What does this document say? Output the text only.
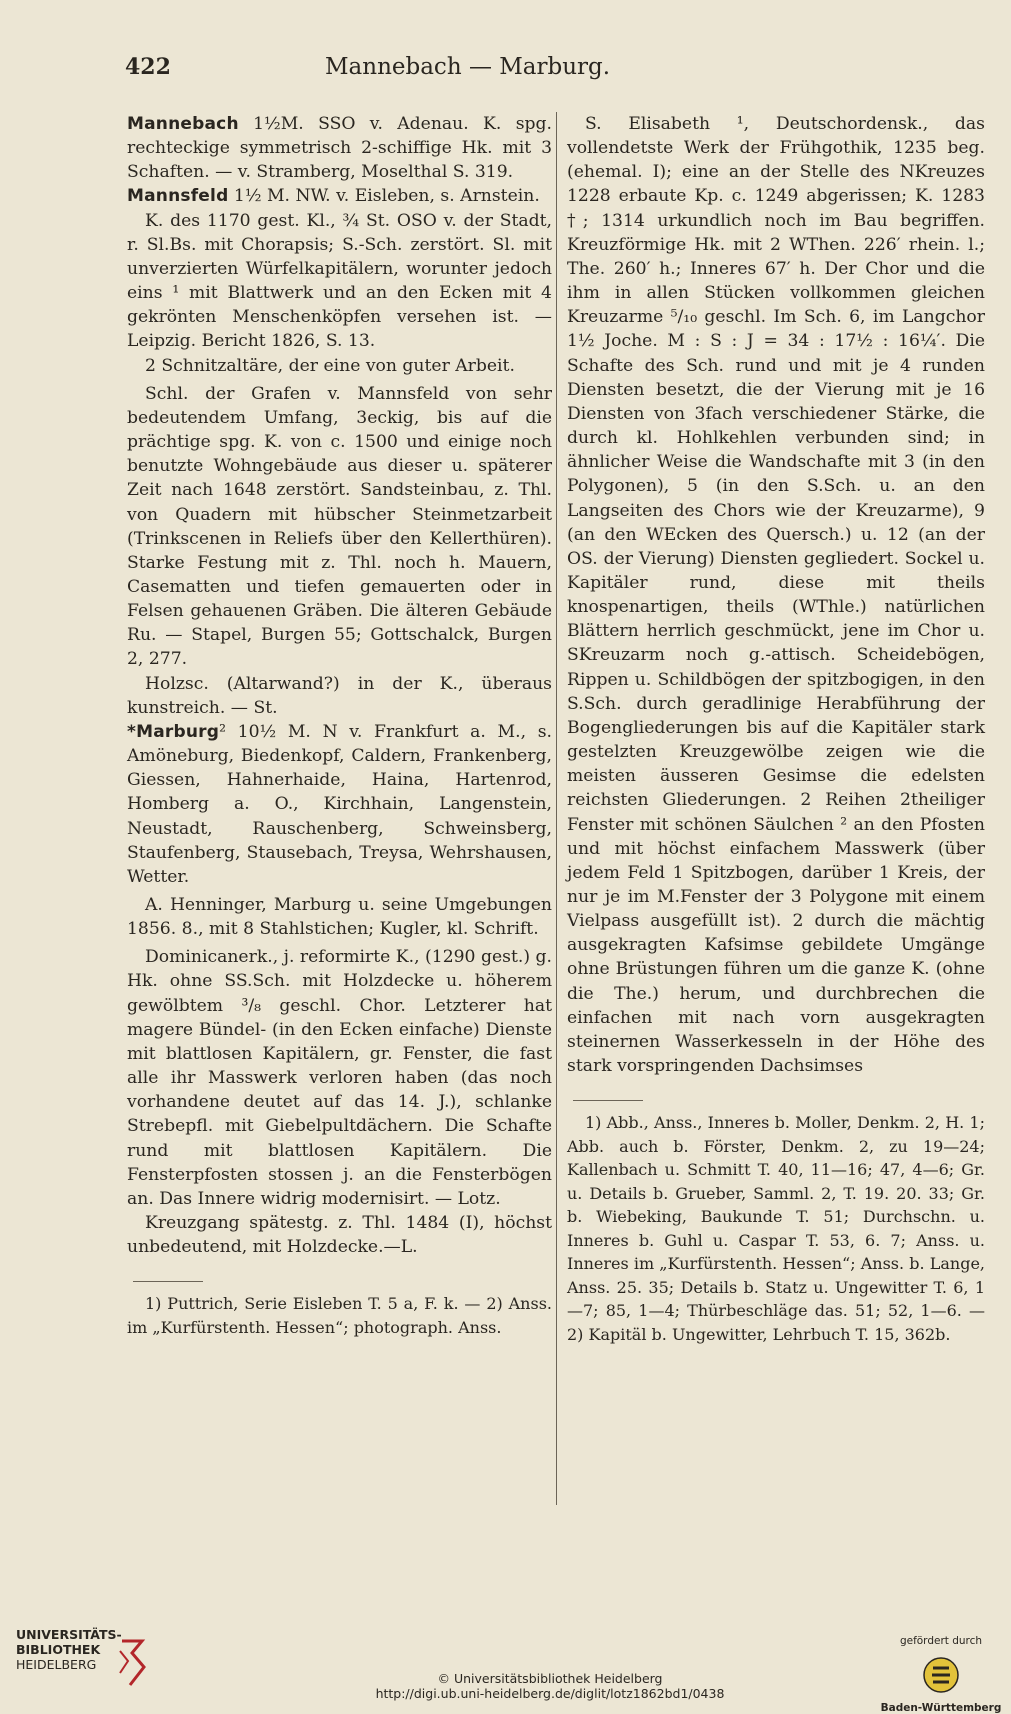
422	Mannebach — Marburg.

Mannebach 1½M. SSO v. Adenau. K. spg. rechteckige symmetrisch 2-schiffige Hk. mit 3 Schaften. — v. Stramberg, Moselthal S. 319.

Mannsfeld 1½ M. NW. v. Eisleben, s. Arnstein.

K. des 1170 gest. Kl., ¾ St. OSO v. der Stadt, r. Sl.Bs. mit Chorapsis; S.-Sch. zerstört. Sl. mit unverzierten Würfelkapitälern, worunter jedoch eins ¹ mit Blattwerk und an den Ecken mit 4 gekrönten Menschenköpfen versehen ist. — Leipzig. Bericht 1826, S. 13.

2 Schnitzaltäre, der eine von guter Arbeit.

Schl. der Grafen v. Mannsfeld von sehr bedeutendem Umfang, 3eckig, bis auf die prächtige spg. K. von c. 1500 und einige noch benutzte Wohngebäude aus dieser u. späterer Zeit nach 1648 zerstört. Sandsteinbau, z. Thl. von Quadern mit hübscher Steinmetzarbeit (Trinkscenen in Reliefs über den Kellerthüren). Starke Festung mit z. Thl. noch h. Mauern, Casematten und tiefen gemauerten oder in Felsen gehauenen Gräben. Die älteren Gebäude Ru. — Stapel, Burgen 55; Gottschalck, Burgen 2, 277.

Holzsc. (Altarwand?) in der K., überaus kunstreich. — St.

*Marburg² 10½ M. N v. Frankfurt a. M., s. Amöneburg, Biedenkopf, Caldern, Frankenberg, Giessen, Hahnerhaide, Haina, Hartenrod, Homberg a. O., Kirchhain, Langenstein, Neustadt, Rauschenberg, Schweinsberg, Staufenberg, Stausebach, Treysa, Wehrshausen, Wetter.

A. Henninger, Marburg u. seine Umgebungen 1856. 8., mit 8 Stahlstichen; Kugler, kl. Schrift.

Dominicanerk., j. reformirte K., (1290 gest.) g. Hk. ohne SS.Sch. mit Holzdecke u. höherem gewölbtem ³/₈ geschl. Chor. Letzterer hat magere Bündel- (in den Ecken einfache) Dienste mit blattlosen Kapitälern, gr. Fenster, die fast alle ihr Masswerk verloren haben (das noch vorhandene deutet auf das 14. J.), schlanke Strebepfl. mit Giebelpultdächern. Die Schafte rund mit blattlosen Kapitälern. Die Fensterpfosten stossen j. an die Fensterbögen an. Das Innere widrig modernisirt. — Lotz.

Kreuzgang spätestg. z. Thl. 1484 (I), höchst unbedeutend, mit Holzdecke.—L.

1) Puttrich, Serie Eisleben T. 5 a, F. k. — 2) Anss. im „Kurfürstenth. Hessen“; photograph. Anss.

S. Elisabeth ¹, Deutschordensk., das vollendetste Werk der Frühgothik, 1235 beg. (ehemal. I); eine an der Stelle des NKreuzes 1228 erbaute Kp. c. 1249 abgerissen; K. 1283 †; 1314 urkundlich noch im Bau begriffen. Kreuzförmige Hk. mit 2 WThen. 226′ rhein. l.; The. 260′ h.; Inneres 67′ h. Der Chor und die ihm in allen Stücken vollkommen gleichen Kreuzarme ⁵/₁₀ geschl. Im Sch. 6, im Langchor 1½ Joche. M : S : J = 34 : 17½ : 16¼′. Die Schafte des Sch. rund und mit je 4 runden Diensten besetzt, die der Vierung mit je 16 Diensten von 3fach verschiedener Stärke, die durch kl. Hohlkehlen verbunden sind; in ähnlicher Weise die Wandschafte mit 3 (in den Polygonen), 5 (in den S.Sch. u. an den Langseiten des Chors wie der Kreuzarme), 9 (an den WEcken des Quersch.) u. 12 (an der OS. der Vierung) Diensten gegliedert. Sockel u. Kapitäler rund, diese mit theils knospenartigen, theils (WThle.) natürlichen Blättern herrlich geschmückt, jene im Chor u. SKreuzarm noch g.-attisch. Scheidebögen, Rippen u. Schildbögen der spitzbogigen, in den S.Sch. durch geradlinige Herabführung der Bogengliederungen bis auf die Kapitäler stark gestelzten Kreuzgewölbe zeigen wie die meisten äusseren Gesimse die edelsten reichsten Gliederungen. 2 Reihen 2theiliger Fenster mit schönen Säulchen ² an den Pfosten und mit höchst einfachem Masswerk (über jedem Feld 1 Spitzbogen, darüber 1 Kreis, der nur je im M.Fenster der 3 Polygone mit einem Vielpass ausgefüllt ist). 2 durch die mächtig ausgekragten Kafsimse gebildete Umgänge ohne Brüstungen führen um die ganze K. (ohne die The.) herum, und durchbrechen die einfachen mit nach vorn ausgekragten steinernen Wasserkesseln in der Höhe des stark vorspringenden Dachsimses

1) Abb., Anss., Inneres b. Moller, Denkm. 2, H. 1; Abb. auch b. Förster, Denkm. 2, zu 19—24; Kallenbach u. Schmitt T. 40, 11—16; 47, 4—6; Gr. u. Details b. Grueber, Samml. 2, T. 19. 20. 33; Gr. b. Wiebeking, Baukunde T. 51; Durchschn. u. Inneres b. Guhl u. Caspar T. 53, 6. 7; Anss. u. Inneres im „Kurfürstenth. Hessen“; Anss. b. Lange, Anss. 25. 35; Details b. Statz u. Ungewitter T. 6, 1—7; 85, 1—4; Thürbeschläge das. 51; 52, 1—6. — 2) Kapitäl b. Ungewitter, Lehrbuch T. 15, 362b.

UNIVERSITÄTS-
BIBLIOTHEK
HEIDELBERG
© Universitätsbibliothek Heidelberg
http://digi.ub.uni-heidelberg.de/diglit/lotz1862bd1/0438
gefördert durch
Baden-Württemberg
